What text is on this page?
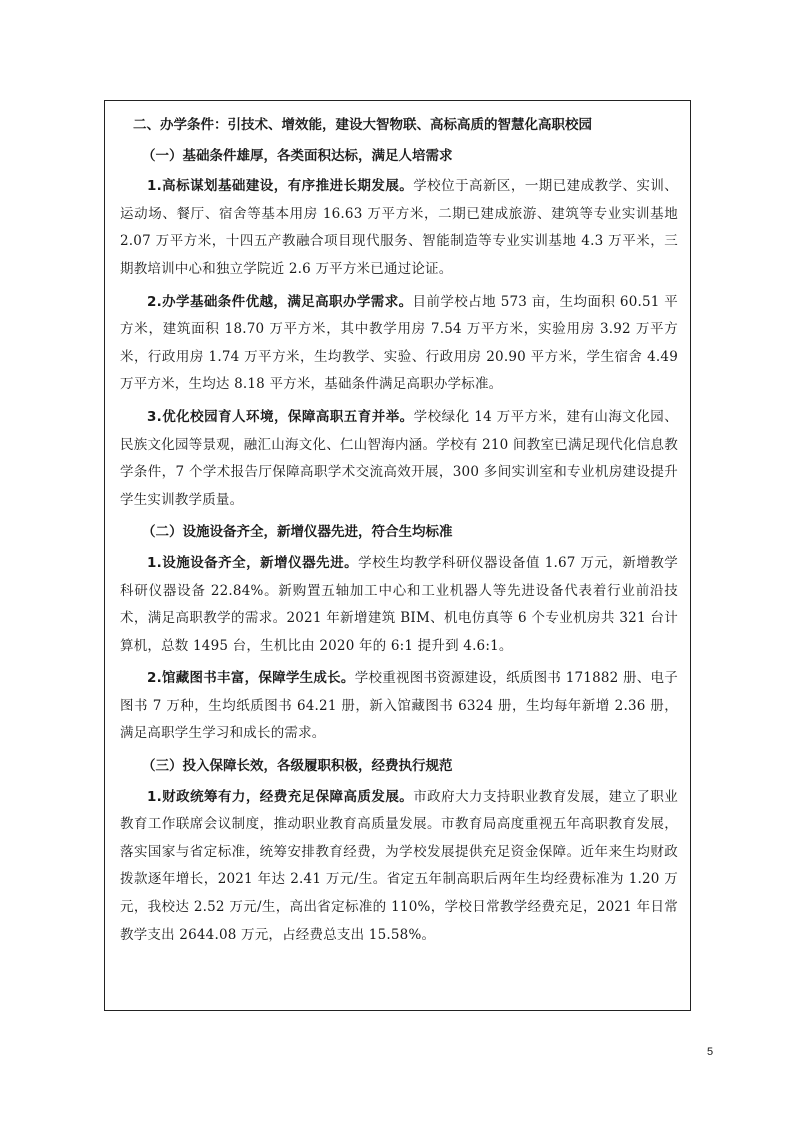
二、办学条件：引技术、增效能，建设大智物联、高标高质的智慧化高职校园

（一）基础条件雄厚，各类面积达标，满足人培需求

1.高标谋划基础建设，有序推进长期发展。学校位于高新区，一期已建成教学、实训、运动场、餐厅、宿舍等基本用房 16.63 万平方米，二期已建成旅游、建筑等专业实训基地 2.07 万平方米，十四五产教融合项目现代服务、智能制造等专业实训基地 4.3 万平米，三期教培训中心和独立学院近 2.6 万平方米已通过论证。

2.办学基础条件优越，满足高职办学需求。目前学校占地 573 亩，生均面积 60.51 平方米，建筑面积 18.70 万平方米，其中教学用房 7.54 万平方米，实验用房 3.92 万平方米，行政用房 1.74 万平方米，生均教学、实验、行政用房 20.90 平方米，学生宿舍 4.49 万平方米，生均达 8.18 平方米，基础条件满足高职办学标准。

3.优化校园育人环境，保障高职五育并举。学校绿化 14 万平方米，建有山海文化园、民族文化园等景观，融汇山海文化、仁山智海内涵。学校有 210 间教室已满足现代化信息教学条件，7 个学术报告厅保障高职学术交流高效开展，300 多间实训室和专业机房建设提升学生实训教学质量。

（二）设施设备齐全，新增仪器先进，符合生均标准

1.设施设备齐全，新增仪器先进。学校生均教学科研仪器设备值 1.67 万元，新增教学科研仪器设备 22.84%。新购置五轴加工中心和工业机器人等先进设备代表着行业前沿技术，满足高职教学的需求。2021 年新增建筑 BIM、机电仿真等 6 个专业机房共 321 台计算机，总数 1495 台，生机比由 2020 年的 6:1 提升到 4.6:1。

2.馆藏图书丰富，保障学生成长。学校重视图书资源建设，纸质图书 171882 册、电子图书 7 万种，生均纸质图书 64.21 册，新入馆藏图书 6324 册，生均每年新增 2.36 册，满足高职学生学习和成长的需求。

（三）投入保障长效，各级履职积极，经费执行规范

1.财政统筹有力，经费充足保障高质发展。市政府大力支持职业教育发展，建立了职业教育工作联席会议制度，推动职业教育高质量发展。市教育局高度重视五年高职教育发展，落实国家与省定标准，统筹安排教育经费，为学校发展提供充足资金保障。近年来生均财政拨款逐年增长，2021 年达 2.41 万元/生。省定五年制高职后两年生均经费标准为 1.20 万元，我校达 2.52 万元/生，高出省定标准的 110%，学校日常教学经费充足，2021 年日常教学支出 2644.08 万元，占经费总支出 15.58%。

5
